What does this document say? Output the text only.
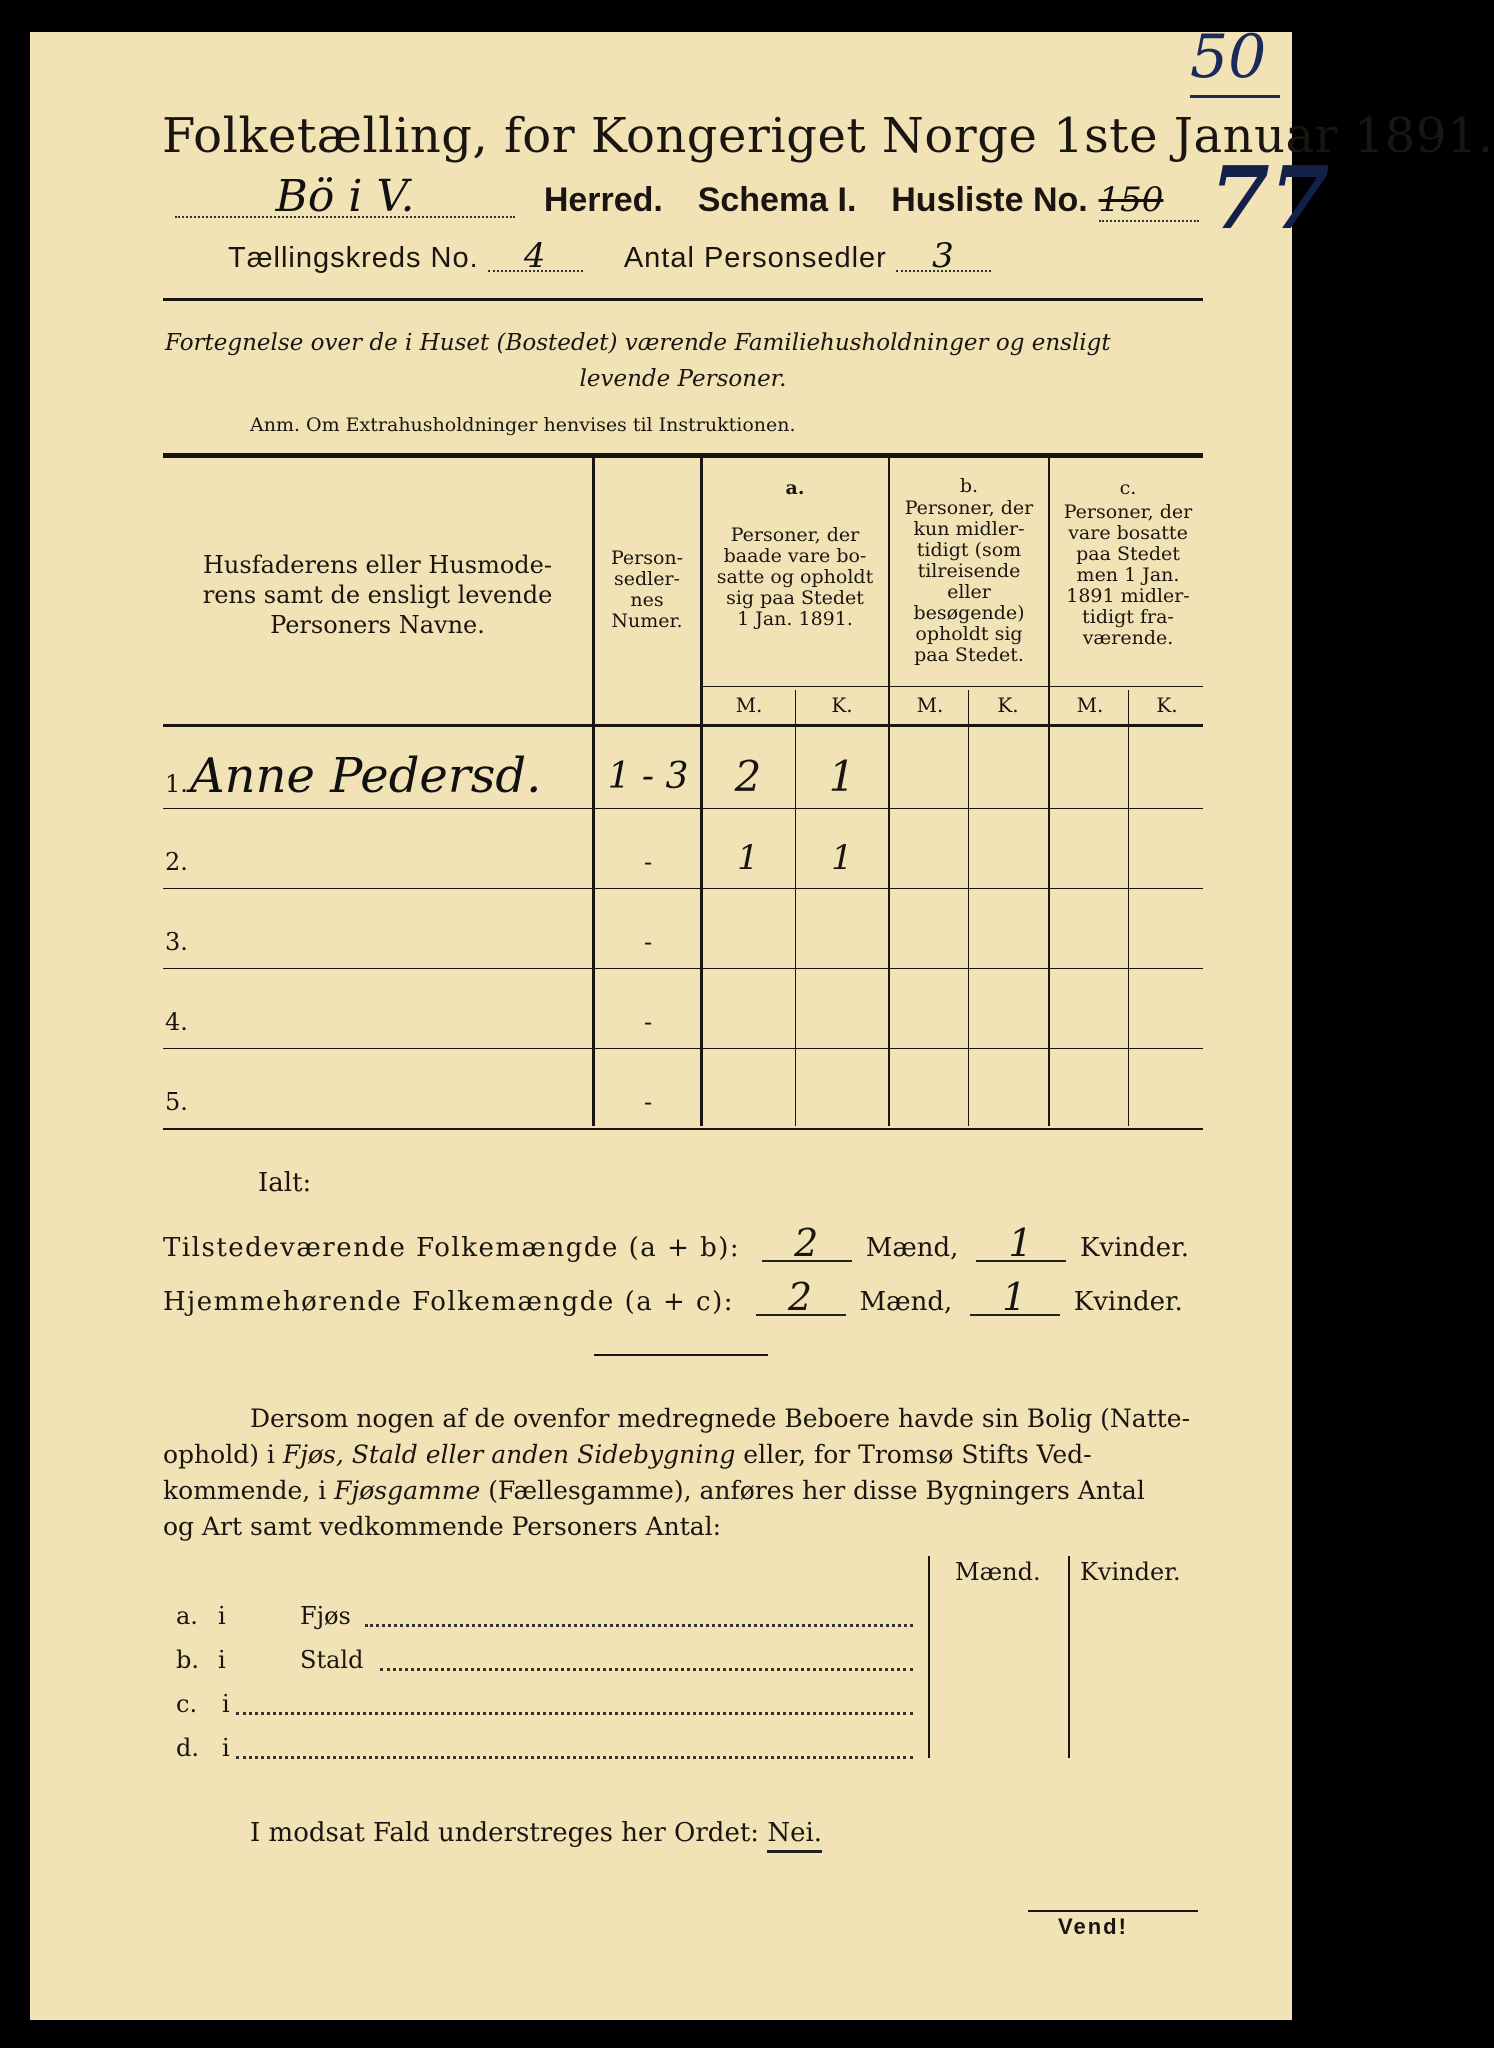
50
77
Folketælling, for Kongeriget Norge 1ste Januar 1891.
Bö i V.	Herred. Schema I. Husliste No. 150
Tællingskreds No. 4	Antal Personsedler 3
Fortegnelse over de i Huset (Bostedet) værende Familiehusholdninger og ensligt
levende Personer.
Anm. Om Extrahusholdninger henvises til Instruktionen.
Husfaderens eller Husmode-
rens samt de ensligt levende
Personers Navne.
Person-
sedler-
nes
Numer.
a.
Personer, der
baade vare bo-
satte og opholdt
sig paa Stedet
1 Jan. 1891.
b.
Personer, der
kun midler-
tidigt (som
tilreisende
eller
besøgende)
opholdt sig
paa Stedet.
c.
Personer, der
vare bosatte
paa Stedet
men 1 Jan.
1891 midler-
tidigt fra-
værende.
M.	K.	M.	K.	M.	K.
1. Anne Pedersd. 1 - 3	2	1
2.	-	1	1
3.	-
4.	-
5.	-
Ialt:
Tilstedeværende Folkemængde (a + b): 2 Mænd, 1 Kvinder.
Hjemmehørende Folkemængde (a + c): 2 Mænd, 1 Kvinder.
Dersom nogen af de ovenfor medregnede Beboere havde sin Bolig (Natte-
ophold) i Fjøs, Stald eller anden Sidebygning eller, for Tromsø Stifts Ved-
kommende, i Fjøsgamme (Fællesgamme), anføres her disse Bygningers Antal
og Art samt vedkommende Personers Antal:
Mænd. Kvinder.
a. i	Fjøs
b. i	Stald
c. i
d. i
I modsat Fald understreges her Ordet: Nei.
Vend!
